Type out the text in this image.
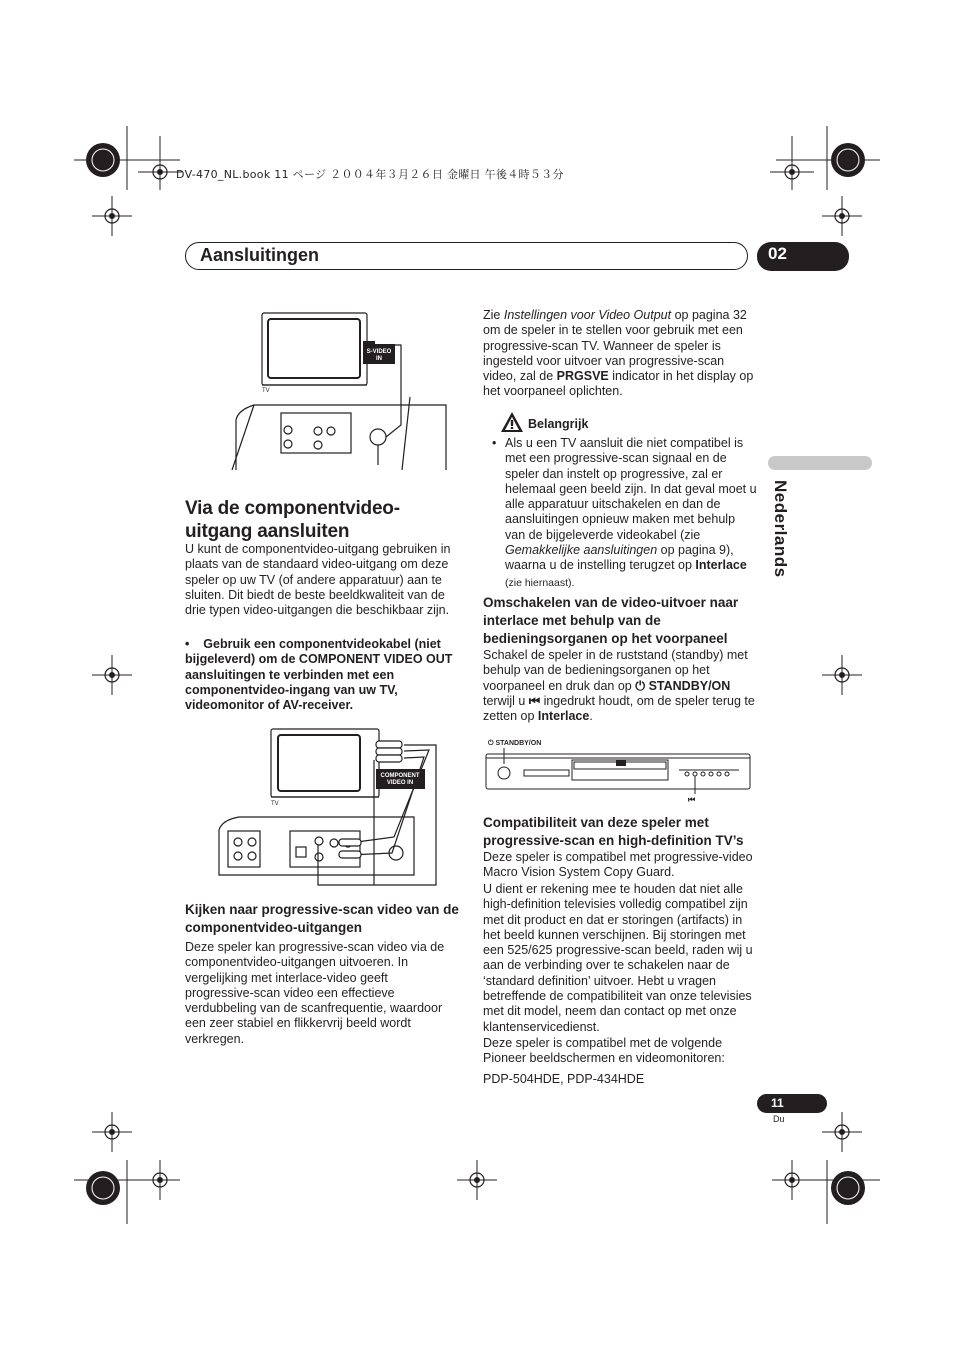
DV-470_NL.book 11 ページ ２００４年３月２６日 金曜日 午後４時５３分
Aansluitingen	02
Nederlands
S-VIDEO
IN
TV
Via de componentvideo-
uitgang aansluiten
U kunt de componentvideo-uitgang gebruiken in plaats van de standaard video-uitgang om deze speler op uw TV (of andere apparatuur) aan te sluiten. Dit biedt de beste beeldkwaliteit van de drie typen video-uitgangen die beschikbaar zijn.
• Gebruik een componentvideokabel (niet bijgeleverd) om de COMPONENT VIDEO OUT aansluitingen te verbinden met een componentvideo-ingang van uw TV, videomonitor of AV-receiver.
COMPONENT
VIDEO IN
TV
Kijken naar progressive-scan video van de componentvideo-uitgangen
Deze speler kan progressive-scan video via de componentvideo-uitgangen uitvoeren. In vergelijking met interlace-video geeft progressive-scan video een effectieve verdubbeling van de scanfrequentie, waardoor een zeer stabiel en flikkervrij beeld wordt verkregen.
Zie Instellingen voor Video Output op pagina 32 om de speler in te stellen voor gebruik met een progressive-scan TV. Wanneer de speler is ingesteld voor uitvoer van progressive-scan video, zal de PRGSVE indicator in het display op het voorpaneel oplichten.
Belangrijk
• Als u een TV aansluit die niet compatibel is met een progressive-scan signaal en de speler dan instelt op progressive, zal er helemaal geen beeld zijn. In dat geval moet u alle apparatuur uitschakelen en dan de aansluitingen opnieuw maken met behulp van de bijgeleverde videokabel (zie Gemakkelijke aansluitingen op pagina 9), waarna u de instelling terugzet op Interlace (zie hiernaast).
Omschakelen van de video-uitvoer naar interlace met behulp van de bedieningsorganen op het voorpaneel
Schakel de speler in de ruststand (standby) met behulp van de bedieningsorganen op het voorpaneel en druk dan op ⏻ STANDBY/ON terwijl u ⏮ ingedrukt houdt, om de speler terug te zetten op Interlace.
⏻ STANDBY/ON
⏮
Compatibiliteit van deze speler met progressive-scan en high-definition TV’s
Deze speler is compatibel met progressive-video Macro Vision System Copy Guard.
U dient er rekening mee te houden dat niet alle high-definition televisies volledig compatibel zijn met dit product en dat er storingen (artifacts) in het beeld kunnen verschijnen. Bij storingen met een 525/625 progressive-scan beeld, raden wij u aan de verbinding over te schakelen naar de ‘standard definition’ uitvoer. Hebt u vragen betreffende de compatibiliteit van onze televisies met dit model, neem dan contact op met onze klantenservicedienst.
Deze speler is compatibel met de volgende Pioneer beeldschermen en videomonitoren:
PDP-504HDE, PDP-434HDE
11
Du
